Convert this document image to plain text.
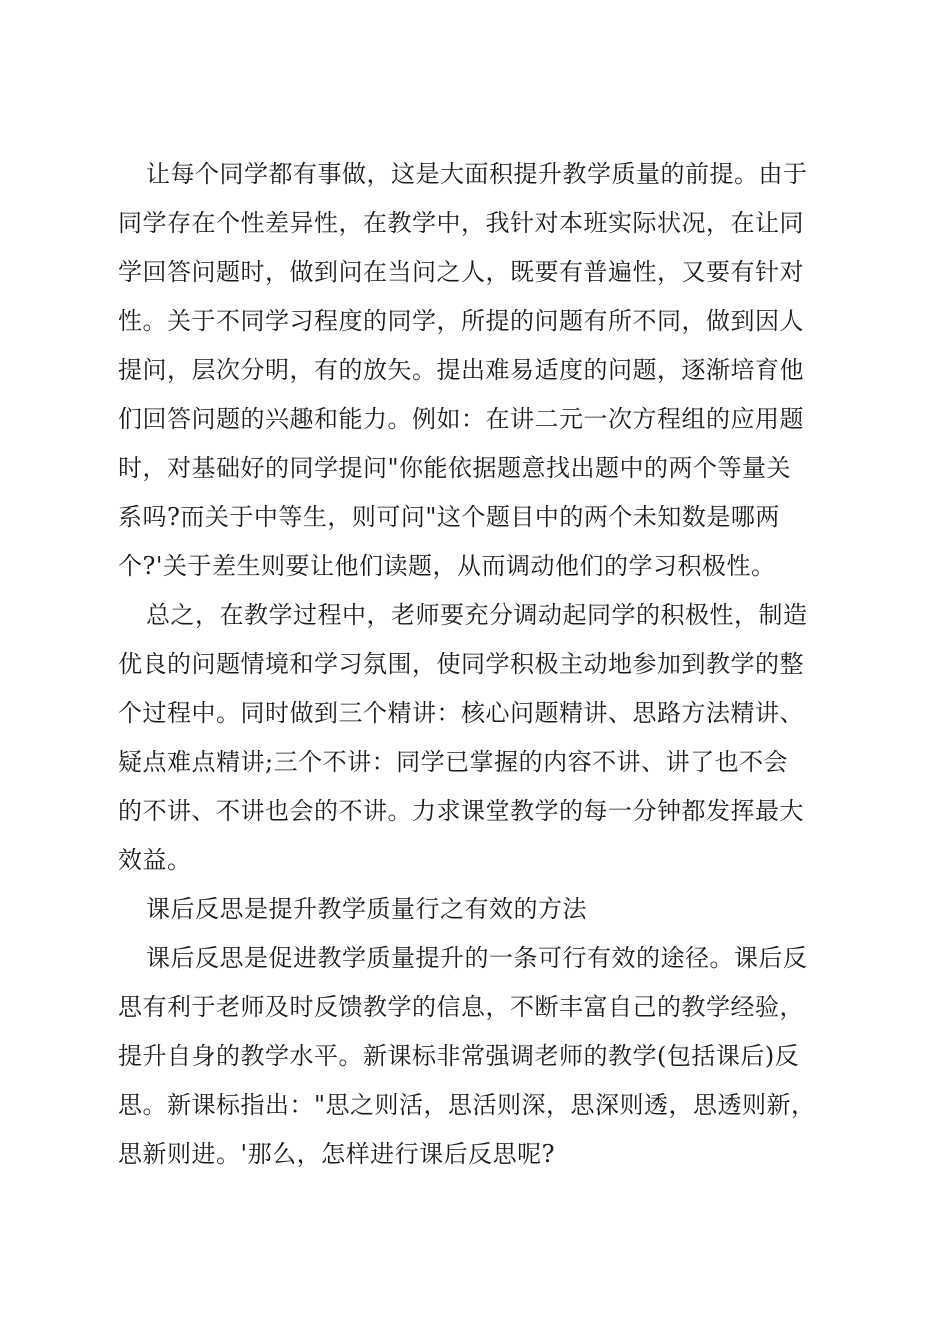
让每个同学都有事做，这是大面积提升教学质量的前提。由于
同学存在个性差异性，在教学中，我针对本班实际状况，在让同
学回答问题时，做到问在当问之人，既要有普遍性，又要有针对
性。关于不同学习程度的同学，所提的问题有所不同，做到因人
提问，层次分明，有的放矢。提出难易适度的问题，逐渐培育他
们回答问题的兴趣和能力。例如：在讲二元一次方程组的应用题
时，对基础好的同学提问"你能依据题意找出题中的两个等量关
系吗?而关于中等生，则可问"这个题目中的两个未知数是哪两
个?'关于差生则要让他们读题，从而调动他们的学习积极性。
总之，在教学过程中，老师要充分调动起同学的积极性，制造
优良的问题情境和学习氛围，使同学积极主动地参加到教学的整
个过程中。同时做到三个精讲：核心问题精讲、思路方法精讲、
疑点难点精讲;三个不讲：同学已掌握的内容不讲、讲了也不会
的不讲、不讲也会的不讲。力求课堂教学的每一分钟都发挥最大
效益。
课后反思是提升教学质量行之有效的方法
课后反思是促进教学质量提升的一条可行有效的途径。课后反
思有利于老师及时反馈教学的信息，不断丰富自己的教学经验，
提升自身的教学水平。新课标非常强调老师的教学(包括课后)反
思。新课标指出："思之则活，思活则深，思深则透，思透则新，
思新则进。'那么，怎样进行课后反思呢?
